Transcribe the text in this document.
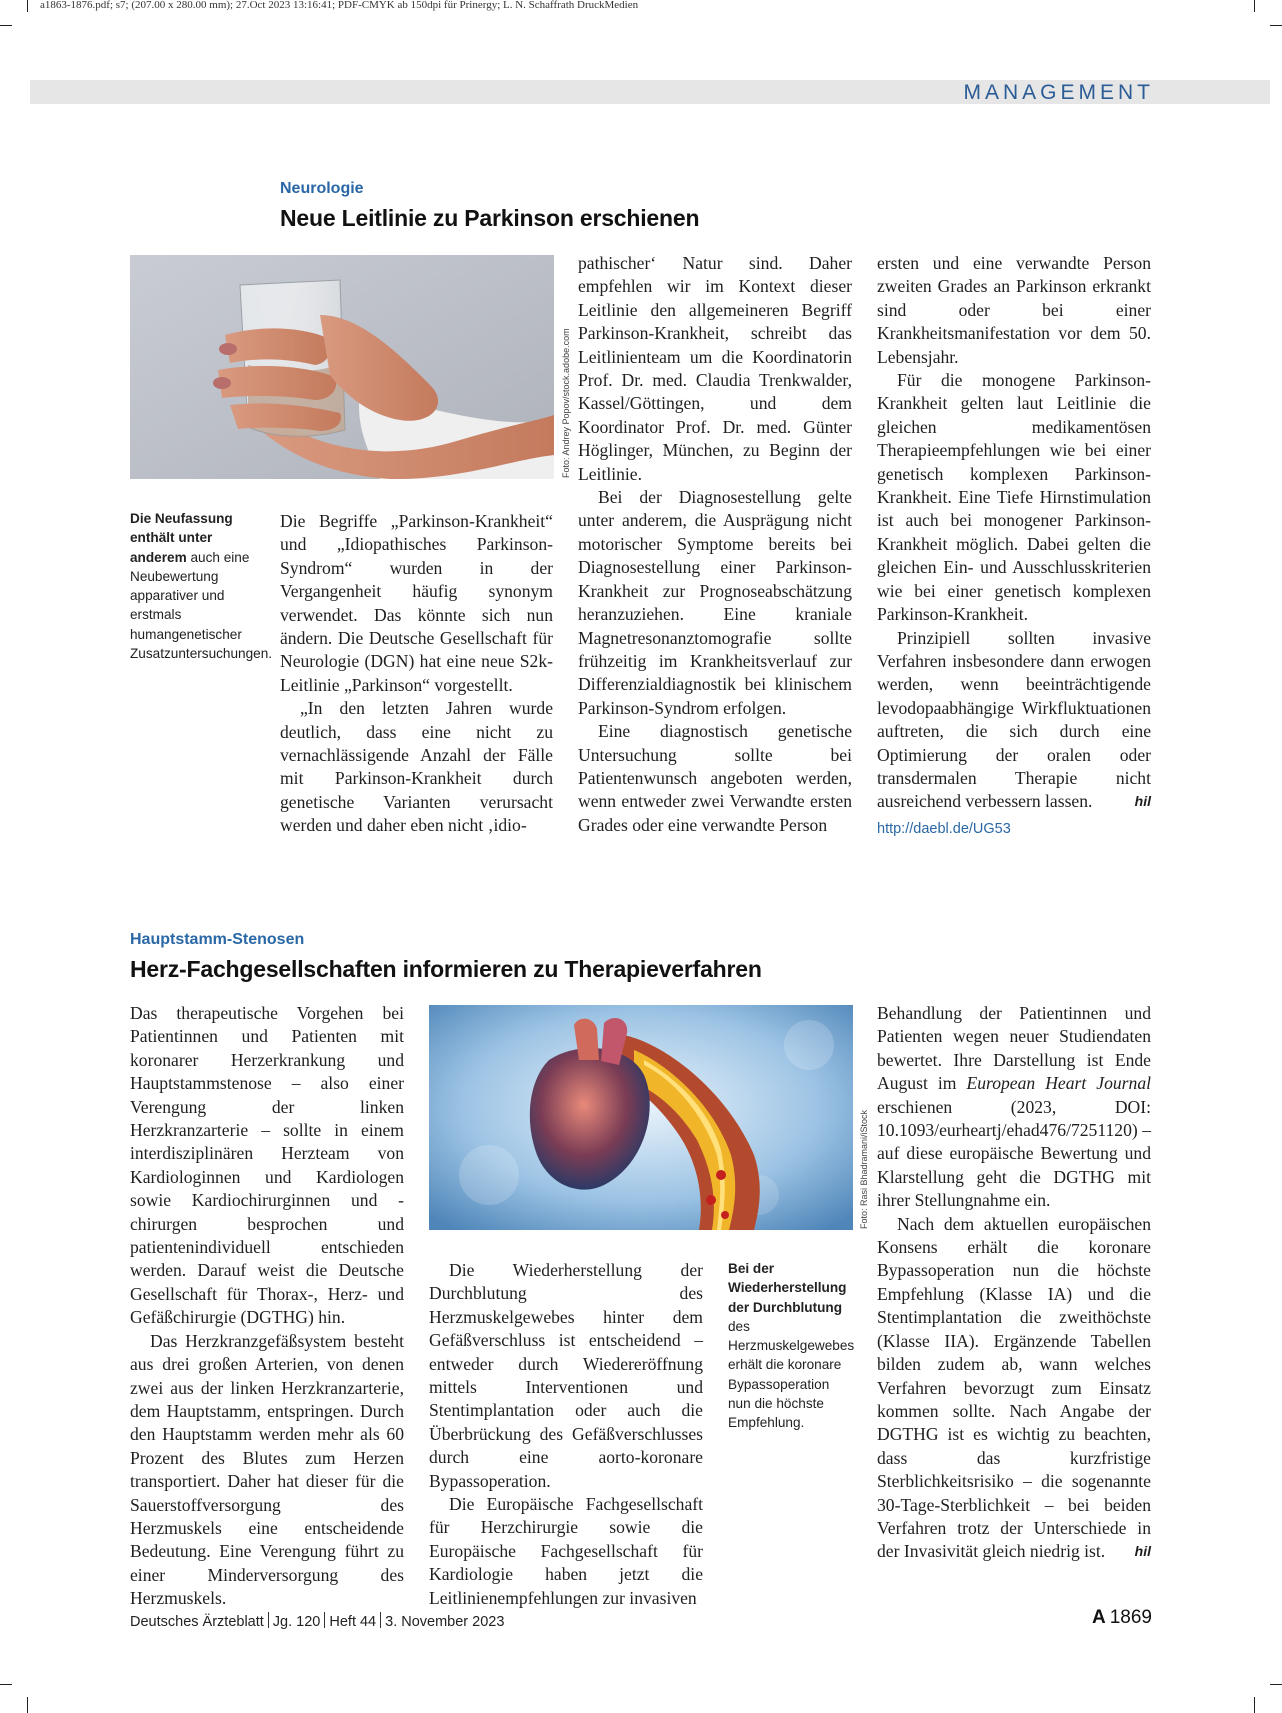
a1863-1876.pdf; s7; (207.00 x 280.00 mm); 27.Oct 2023 13:16:41; PDF-CMYK ab 150dpi für Prinergy; L. N. Schaffrath DruckMedien
MANAGEMENT
Neurologie
Neue Leitlinie zu Parkinson erschienen
Foto: Andrey Popov/stock.adobe.com
Die Neufassung enthält unter anderem auch eine Neubewertung apparativer und erstmals humangenetischer Zusatzuntersuchungen.

Die Begriffe „Parkinson-Krankheit“ und „Idiopathisches Parkinson-Syndrom“ wurden in der Vergangenheit häufig synonym verwendet. Das könnte sich nun ändern. Die Deutsche Gesellschaft für Neurologie (DGN) hat eine neue S2k-Leitlinie „Parkinson“ vorgestellt.

„In den letzten Jahren wurde deutlich, dass eine nicht zu vernachlässigende Anzahl der Fälle mit Parkinson-Krankheit durch genetische Varianten verursacht werden und daher eben nicht ‚idio-

pathischer‘ Natur sind. Daher empfehlen wir im Kontext dieser Leitlinie den allgemeineren Begriff Parkinson-Krankheit, schreibt das Leitlinienteam um die Koordinatorin Prof. Dr. med. Claudia Trenkwalder, Kassel/Göttingen, und dem Koordinator Prof. Dr. med. Günter Höglinger, München, zu Beginn der Leitlinie.

Bei der Diagnosestellung gelte unter anderem, die Ausprägung nicht motorischer Symptome bereits bei Diagnosestellung einer Parkinson-Krankheit zur Prognoseabschätzung heranzuziehen. Eine kraniale Magnetresonanztomografie sollte frühzeitig im Krankheitsverlauf zur Differenzialdiagnostik bei klinischem Parkinson-Syndrom erfolgen.

Eine diagnostisch genetische Untersuchung sollte bei Patientenwunsch angeboten werden, wenn entweder zwei Verwandte ersten Grades oder eine verwandte Person

ersten und eine verwandte Person zweiten Grades an Parkinson erkrankt sind oder bei einer Krankheitsmanifestation vor dem 50. Lebensjahr.

Für die monogene Parkinson-Krankheit gelten laut Leitlinie die gleichen medikamentösen Therapieempfehlungen wie bei einer genetisch komplexen Parkinson-Krankheit. Eine Tiefe Hirnstimulation ist auch bei monogener Parkinson-Krankheit möglich. Dabei gelten die gleichen Ein- und Ausschlusskriterien wie bei einer genetisch komplexen Parkinson-Krankheit.

Prinzipiell sollten invasive Verfahren insbesondere dann erwogen werden, wenn beeinträchtigende levodopaabhängige Wirkfluktuationen auftreten, die sich durch eine Optimierung der oralen oder transdermalen Therapie nicht ausreichend verbessern lassen.	hil

http://daebl.de/UG53
Hauptstamm-Stenosen
Herz-Fachgesellschaften informieren zu Therapieverfahren

Das therapeutische Vorgehen bei Patientinnen und Patienten mit koronarer Herzerkrankung und Hauptstammstenose – also einer Verengung der linken Herzkranzarterie – sollte in einem interdisziplinären Herzteam von Kardiologinnen und Kardiologen sowie Kardiochirurginnen und -chirurgen besprochen und patientenindividuell entschieden werden. Darauf weist die Deutsche Gesellschaft für Thorax-, Herz- und Gefäßchirurgie (DGTHG) hin.

Das Herzkranzgefäßsystem besteht aus drei großen Arterien, von denen zwei aus der linken Herzkranzarterie, dem Hauptstamm, entspringen. Durch den Hauptstamm werden mehr als 60 Prozent des Blutes zum Herzen transportiert. Daher hat dieser für die Sauerstoffversorgung des Herzmuskels eine entscheidende Bedeutung. Eine Verengung führt zu einer Minderversorgung des Herzmuskels.

Foto: Rasi Bhadramani/iStock

Die Wiederherstellung der Durchblutung des Herzmuskelgewebes hinter dem Gefäßverschluss ist entscheidend – entweder durch Wiedereröffnung mittels Interventionen und Stentimplantation oder auch die Überbrückung des Gefäßverschlusses durch eine aorto-koronare Bypassoperation.

Die Europäische Fachgesellschaft für Herzchirurgie sowie die Europäische Fachgesellschaft für Kardiologie haben jetzt die Leitlinienempfehlungen zur invasiven

Bei der Wiederherstellung der Durchblutung des Herzmuskelgewebes erhält die koronare Bypassoperation nun die höchste Empfehlung.

Behandlung der Patientinnen und Patienten wegen neuer Studiendaten bewertet. Ihre Darstellung ist Ende August im European Heart Journal erschienen (2023, DOI: 10.1093/eurheartj/ehad476/7251120) – auf diese europäische Bewertung und Klarstellung geht die DGTHG mit ihrer Stellungnahme ein.

Nach dem aktuellen europäischen Konsens erhält die koronare Bypassoperation nun die höchste Empfehlung (Klasse IA) und die Stentimplantation die zweithöchste (Klasse IIA). Ergänzende Tabellen bilden zudem ab, wann welches Verfahren bevorzugt zum Einsatz kommen sollte. Nach Angabe der DGTHG ist es wichtig zu beachten, dass das kurzfristige Sterblichkeitsrisiko – die sogenannte 30-Tage-Sterblichkeit – bei beiden Verfahren trotz der Unterschiede in der Invasivität gleich niedrig ist.	hil

Deutsches Ärzteblatt Jg. 120 Heft 44 3. November 2023	A 1869
